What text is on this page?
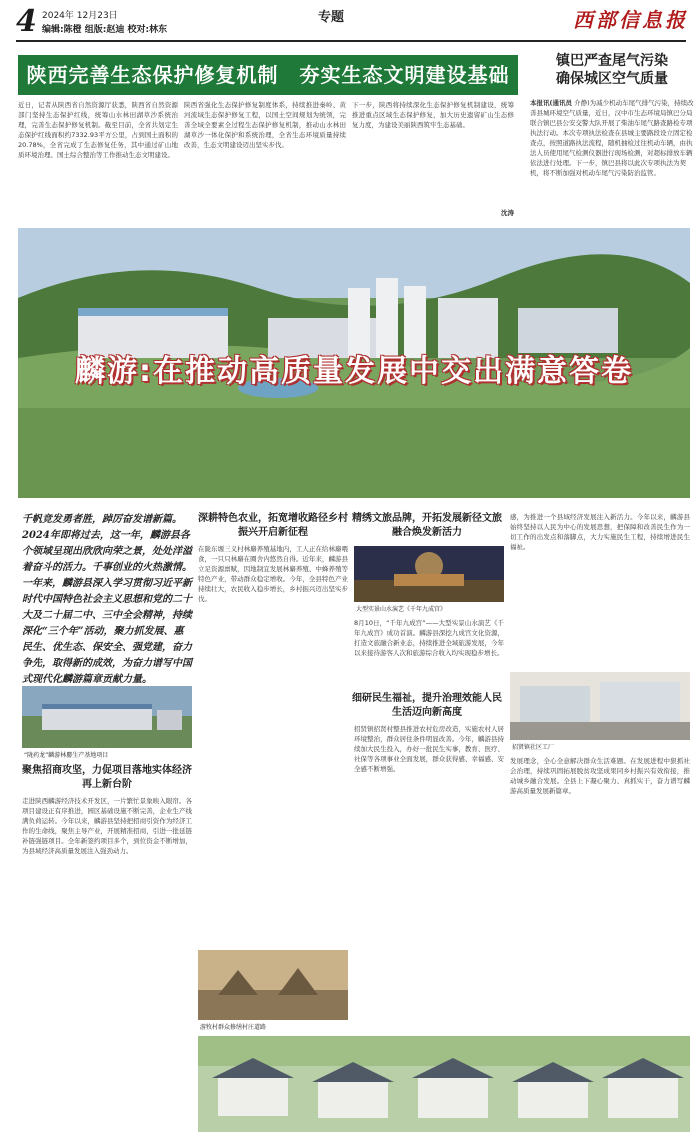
4 2024年 12月23日
编辑:陈橙 组版:赵迪 校对:林东
专题	西部信息报
陕西完善生态保护修复机制　夯实生态文明建设基础
镇巴严查尾气污染
确保城区空气质量
本报讯(通讯员 介静)为减少机动车尾气排气污染，持续改善县城环境空气质量，近日，汉中市生态环境局镇巴分局联合镇巴县公安交警大队开展了柴油车尾气路查路检专项执法行动。本次专项执法检查在县城主要路段设立固定检查点，按照道路执法流程，随机抽检过往机动车辆，由执法人员使用尾气检测仪器进行现场检测，对超标排放车辆依法进行处理。下一步，镇巴县将以此次专项执法为契机，将不断加强对机动车尾气污染防治监管。
近日，记者从陕西省自然资源厅获悉，陕西省自然资源部门坚持生态保护红线，统筹山水林田湖草沙系统治理，完善生态保护修复机制。截至目前，全省共划定生态保护红线面积约7332.93平方公里，占到国土面积的20.78%，全省完成了生态修复任务，其中通过矿山地质环境治理、国土综合整治等工作推动生态文明建设。
陕西省强化生态保护修复制度体系，持续推进秦岭、黄河流域生态保护修复工程，以国土空间规划为统领，完善全域全要素全过程生态保护修复机制，推动山水林田湖草沙一体化保护和系统治理，全省生态环境质量持续改善，生态文明建设迈出坚实步伐。
下一步，陕西将持续深化生态保护修复机制建设，统筹推进重点区域生态保护修复，加大历史遗留矿山生态修复力度，为建设美丽陕西筑牢生态基础。
沈涛
麟游:在推动高质量发展中交出满意答卷
千帆竞发勇者胜，踔厉奋发谱新篇。2024年即将过去，这一年，麟游县各个领域呈现出欣欣向荣之景，处处洋溢着奋斗的活力。千事创业的火热激情。一年来，麟游县深入学习贯彻习近平新时代中国特色社会主义思想和党的二十大及二十届二中、三中全会精神，持续深化“三个年”活动，聚力抓发展、惠民生、优生态、保安全、强党建，奋力争先，取得新的成效，为奋力谱写中国式现代化麟游篇章贡献力量。
“陇药龙”麟游林麝生产基地项目
聚焦招商攻坚，力促项目落地实体经济再上新台阶
走进陕西麟游经济技术开发区，一片繁忙景象映入眼帘。各项目建设正有序推进，园区基础设施不断完善，企业生产线满负荷运转。今年以来，麟游县坚持把招商引资作为经济工作的生命线，聚焦主导产业，开展精准招商，引进一批延链补链强链项目。全年新签约项目多个，到位资金不断增加，为县域经济高质量发展注入强劲动力。
深耕特色农业，拓宽增收路径乡村振兴开启新征程
在陇东塬三义村林麝养殖基地内，工人正在给林麝喂食，一只只林麝在圈舍内悠然自得。近年来，麟游县立足资源禀赋，因地制宜发展林麝养殖、中蜂养殖等特色产业，带动群众稳定增收。今年，全县特色产业持续壮大，农民收入稳步增长，乡村振兴迈出坚实步伐。
精绣文旅品牌，开拓发展新径文旅融合焕发新活力
大型实景山水演艺《千年九成宫》
8月10日，“千年九成宫”——大型实景山水演艺《千年九成宫》成功首演。麟游县深挖九成宫文化资源，打造文旅融合新业态，持续推进全域旅游发展，今年以来接待游客人次和旅游综合收入均实现稳步增长。
细研民生福祉，提升治理效能人民生活迈向新高度
招贤镇招贤村整县推进农村危房改造，实施农村人居环境整治，群众居住条件明显改善。今年，麟游县持续加大民生投入，办好一批民生实事，教育、医疗、社保等各项事业全面发展，群众获得感、幸福感、安全感不断增强。
感，为推进一个县域经济发展注入新活力。今年以来，麟游县始终坚持以人民为中心的发展思想，把保障和改善民生作为一切工作的出发点和落脚点，大力实施民生工程，持续增进民生福祉。
招贤镇社区工厂
发展理念，全心全意解决群众生活难题。在发展进程中狠抓社会治理，持续巩固拓展脱贫攻坚成果同乡村振兴有效衔接，推动城乡融合发展。全县上下凝心聚力、真抓实干，奋力谱写麟游高质量发展新篇章。
游牧村群众修缮村庄道路
